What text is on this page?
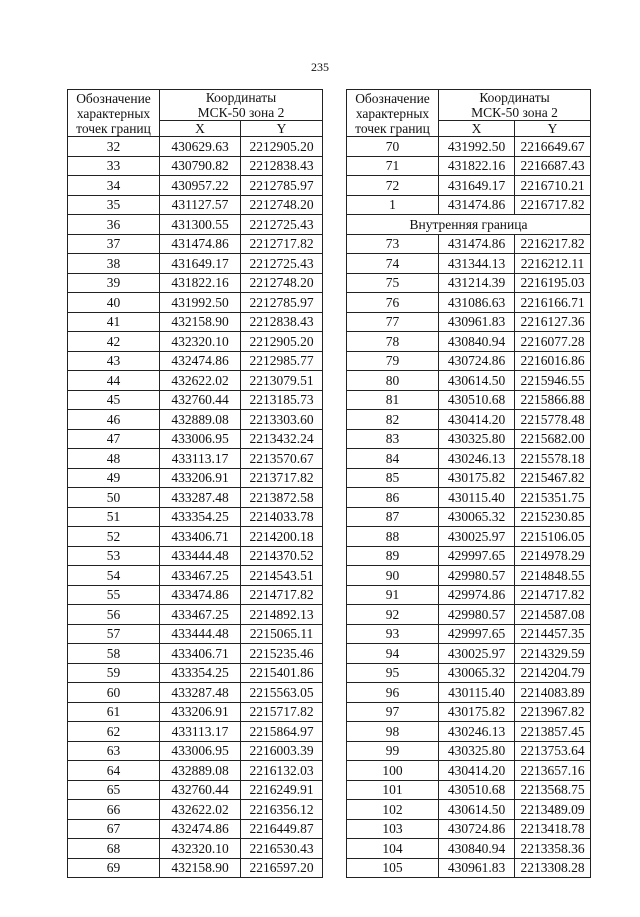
235
Обозначение
характерных
точек границ	Координаты	
	МСК-50 зона 2	
	X	Y
32	430629.63	2212905.20
33	430790.82	2212838.43
34	430957.22	2212785.97
35	431127.57	2212748.20
36	431300.55	2212725.43
37	431474.86	2212717.82
38	431649.17	2212725.43
39	431822.16	2212748.20
40	431992.50	2212785.97
41	432158.90	2212838.43
42	432320.10	2212905.20
43	432474.86	2212985.77
44	432622.02	2213079.51
45	432760.44	2213185.73
46	432889.08	2213303.60
47	433006.95	2213432.24
48	433113.17	2213570.67
49	433206.91	2213717.82
50	433287.48	2213872.58
51	433354.25	2214033.78
52	433406.71	2214200.18
53	433444.48	2214370.52
54	433467.25	2214543.51
55	433474.86	2214717.82
56	433467.25	2214892.13
57	433444.48	2215065.11
58	433406.71	2215235.46
59	433354.25	2215401.86
60	433287.48	2215563.05
61	433206.91	2215717.82
62	433113.17	2215864.97
63	433006.95	2216003.39
64	432889.08	2216132.03
65	432760.44	2216249.91
66	432622.02	2216356.12
67	432474.86	2216449.87
68	432320.10	2216530.43
69	432158.90	2216597.20
Обозначение
характерных
точек границ	Координаты	
	МСК-50 зона 2	
	X	Y
70	431992.50	2216649.67
71	431822.16	2216687.43
72	431649.17	2216710.21
1	431474.86	2216717.82
Внутренняя граница		
73	431474.86	2216217.82
74	431344.13	2216212.11
75	431214.39	2216195.03
76	431086.63	2216166.71
77	430961.83	2216127.36
78	430840.94	2216077.28
79	430724.86	2216016.86
80	430614.50	2215946.55
81	430510.68	2215866.88
82	430414.20	2215778.48
83	430325.80	2215682.00
84	430246.13	2215578.18
85	430175.82	2215467.82
86	430115.40	2215351.75
87	430065.32	2215230.85
88	430025.97	2215106.05
89	429997.65	2214978.29
90	429980.57	2214848.55
91	429974.86	2214717.82
92	429980.57	2214587.08
93	429997.65	2214457.35
94	430025.97	2214329.59
95	430065.32	2214204.79
96	430115.40	2214083.89
97	430175.82	2213967.82
98	430246.13	2213857.45
99	430325.80	2213753.64
100	430414.20	2213657.16
101	430510.68	2213568.75
102	430614.50	2213489.09
103	430724.86	2213418.78
104	430840.94	2213358.36
105	430961.83	2213308.28
